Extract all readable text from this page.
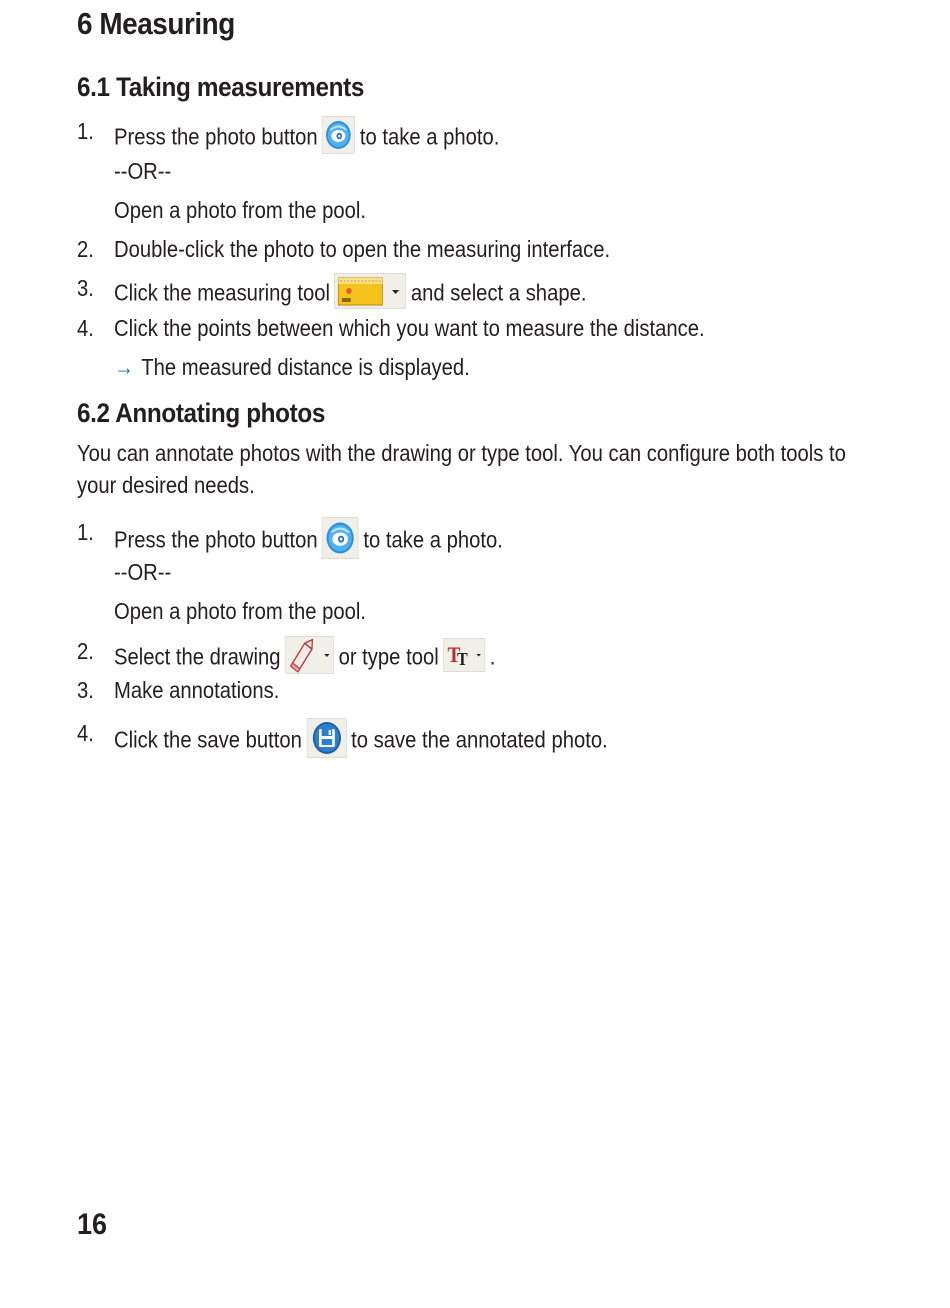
6 Measuring
6.1 Taking measurements
1. Press the photo button to take a photo.
--OR--
Open a photo from the pool.
2. Double-click the photo to open the measuring interface.
3. Click the measuring tool	and select a shape.
4. Click the points between which you want to measure the distance.
→ The measured distance is displayed.
6.2 Annotating photos
You can annotate photos with the drawing or type tool. You can configure both tools to your desired needs.
1. Press the photo button to take a photo.
--OR--
Open a photo from the pool.
2. Select the drawing	or type tool T
T .
3. Make annotations.
4. Click the save button to save the annotated photo.
16
